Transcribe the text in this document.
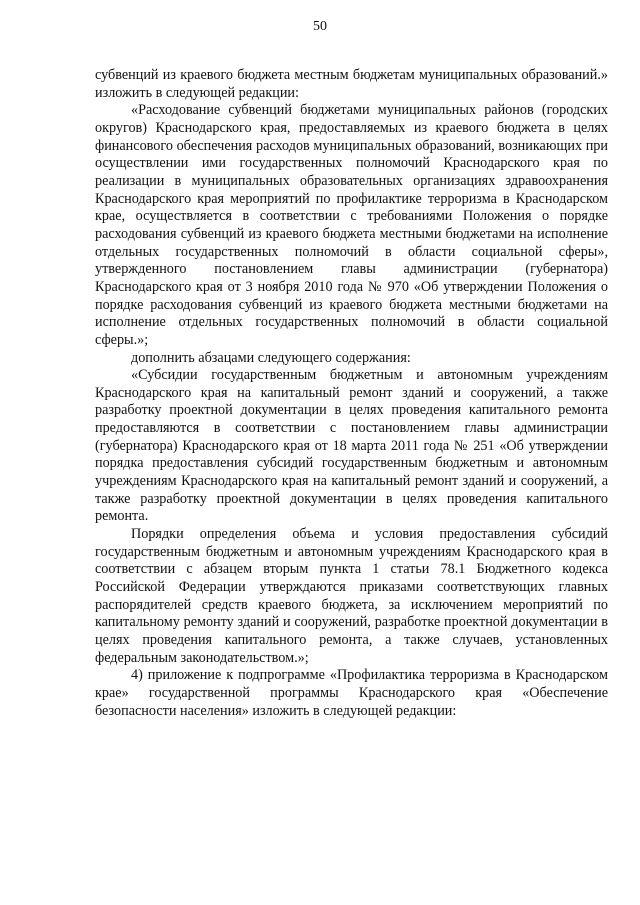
50

субвенций из краевого бюджета местным бюджетам муниципальных образований.» изложить в следующей редакции:

«Расходование субвенций бюджетами муниципальных районов (городских округов) Краснодарского края, предоставляемых из краевого бюджета в целях финансового обеспечения расходов муниципальных образований, возникающих при осуществлении ими государственных полномочий Краснодарского края по реализации в муниципальных образовательных организациях здравоохранения Краснодарского края мероприятий по профилактике терроризма в Краснодарском крае, осуществляется в соответствии с требованиями Положения о порядке расходования субвенций из краевого бюджета местными бюджетами на исполнение отдельных государственных полномочий в области социальной сферы», утвержденного постановлением главы администрации (губернатора) Краснодарского края от 3 ноября 2010 года № 970 «Об утверждении Положения о порядке расходования субвенций из краевого бюджета местными бюджетами на исполнение отдельных государственных полномочий в области социальной сферы.»;

дополнить абзацами следующего содержания:

«Субсидии государственным бюджетным и автономным учреждениям Краснодарского края на капитальный ремонт зданий и сооружений, а также разработку проектной документации в целях проведения капитального ремонта предоставляются в соответствии с постановлением главы администрации (губернатора) Краснодарского края от 18 марта 2011 года № 251 «Об утверждении порядка предоставления субсидий государственным бюджетным и автономным учреждениям Краснодарского края на капитальный ремонт зданий и сооружений, а также разработку проектной документации в целях проведения капитального ремонта.

Порядки определения объема и условия предоставления субсидий государственным бюджетным и автономным учреждениям Краснодарского края в соответствии с абзацем вторым пункта 1 статьи 78.1 Бюджетного кодекса Российской Федерации утверждаются приказами соответствующих главных распорядителей средств краевого бюджета, за исключением мероприятий по капитальному ремонту зданий и сооружений, разработке проектной документации в целях проведения капитального ремонта, а также случаев, установленных федеральным законодательством.»;

4) приложение к подпрограмме «Профилактика терроризма в Краснодарском крае» государственной программы Краснодарского края «Обеспечение безопасности населения» изложить в следующей редакции:
